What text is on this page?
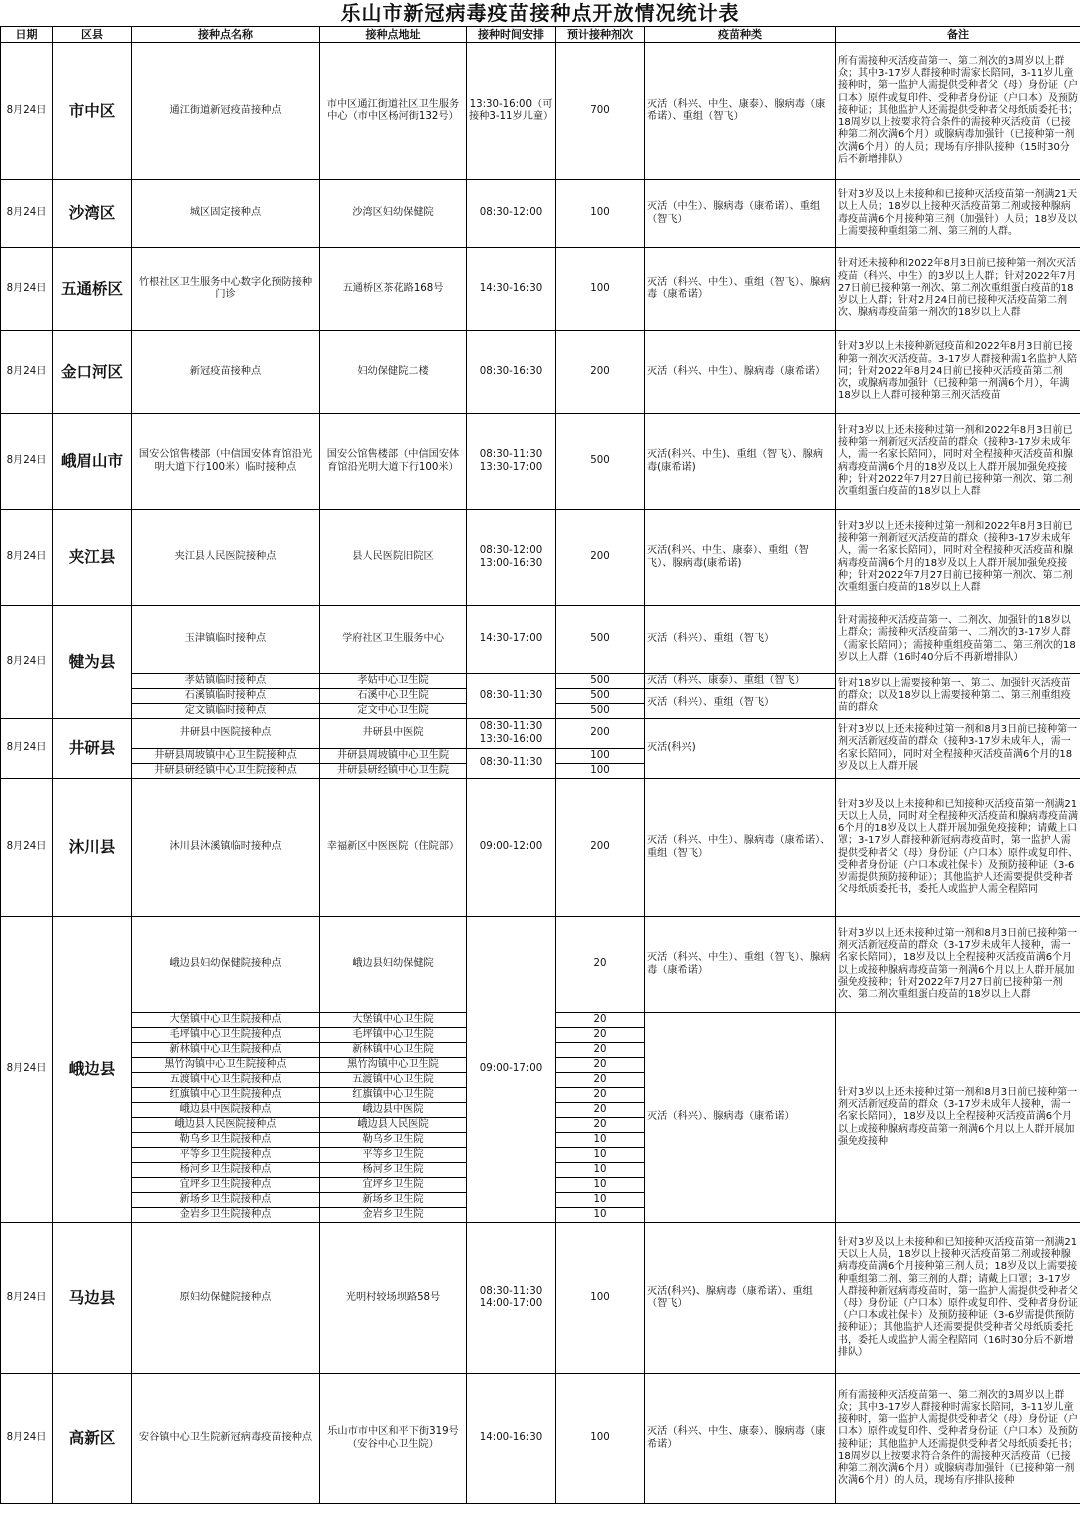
乐山市新冠病毒疫苗接种点开放情况统计表
日期	区县	接种点名称	接种点地址	接种时间安排	预计接种剂次	疫苗种类	备注
8月24日	市中区	通江街道新冠疫苗接种点	市中区通江街道社区卫生服务中心（市中区杨河街132号）	13:30-16:00（可接种3-11岁儿童）	700	灭活（科兴、中生、康泰）、腺病毒（康希诺）、重组（智飞）	所有需接种灭活疫苗第一、第二剂次的3周岁以上群众；其中3-17岁人群接种时需家长陪同，3-11岁儿童接种时，第一监护人需提供受种者父（母）身份证（户口本）原件或复印件、受种者身份证（户口本）及预防接种证；其他监护人还需提供受种者父母纸质委托书；18周岁以上按要求符合条件的需接种灭活疫苗（已接种第二剂次满6个月）或腺病毒加强针（已接种第一剂次满6个月）的人员；现场有序排队接种（15时30分后不新增排队）
8月24日	沙湾区	城区固定接种点	沙湾区妇幼保健院	08:30-12:00	100	灭活（中生）、腺病毒（康希诺）、重组（智飞）	针对3岁及以上未接种和已接种灭活疫苗第一剂满21天以上人员；18岁以上接种灭活疫苗第二剂或接种腺病毒疫苗满6个月接种第三剂（加强针）人员；18岁及以上需要接种重组第二剂、第三剂的人群。
8月24日	五通桥区	竹根社区卫生服务中心数字化预防接种门诊	五通桥区茶花路168号	14:30-16:30	100	灭活（科兴、中生）、重组（智飞）、腺病毒（康希诺）	针对还未接种和2022年8月3日前已接种第一剂次灭活疫苗（科兴、中生）的3岁以上人群；针对2022年7月27日前已接种第一剂次、第二剂次重组蛋白疫苗的18岁以上人群；针对2月24日前已接种灭活疫苗第二剂次、腺病毒疫苗第一剂次的18岁以上人群
8月24日	金口河区	新冠疫苗接种点	妇幼保健院二楼	08:30-16:30	200	灭活（科兴、中生）、腺病毒（康希诺）	针对3岁以上未接种新冠疫苗和2022年8月3日前已接种第一剂次灭活疫苗。3-17岁人群接种需1名监护人陪同；针对2022年8月24日前已接种灭活疫苗第二剂次，或腺病毒加强针（已接种第一剂满6个月），年满18岁以上人群可接种第三剂灭活疫苗
8月24日	峨眉山市	国安公馆售楼部（中信国安体育馆沿光明大道下行100米）临时接种点	国安公馆售楼部（中信国安体育馆沿光明大道下行100米）	08:30-11:30 13:30-17:00	500	灭活(科兴、中生)、重组（智飞）、腺病毒(康希诺)	针对3岁以上还未接种过第一剂和2022年8月3日前已接种第一剂新冠灭活疫苗的群众（接种3-17岁未成年人，需一名家长陪同），同时对全程接种灭活疫苗和腺病毒疫苗满6个月的18岁及以上人群开展加强免疫接种；针对2022年7月27日前已接种第一剂次、第二剂次重组蛋白疫苗的18岁以上人群
8月24日	夹江县	夹江县人民医院接种点	县人民医院旧院区	08:30-12:00 13:00-16:30	200	灭活(科兴、中生、康泰）、重组（智飞）、腺病毒(康希诺)	针对3岁以上还未接种过第一剂和2022年8月3日前已接种第一剂新冠灭活疫苗的群众（接种3-17岁未成年人，需一名家长陪同），同时对全程接种灭活疫苗和腺病毒疫苗满6个月的18岁及以上人群开展加强免疫接种；针对2022年7月27日前已接种第一剂次、第二剂次重组蛋白疫苗的18岁以上人群
8月24日	犍为县	玉津镇临时接种点	学府社区卫生服务中心	14:30-17:00	500	灭活（科兴）、重组（智飞）	针对需接种灭活疫苗第一、二剂次、加强针的18岁以上群众；需接种灭活疫苗第一、二剂次的3-17岁人群（需家长陪同）；需接种重组疫苗第二、第三剂次的18岁以上人群（16时40分后不再新增排队）
		孝姑镇临时接种点	孝姑中心卫生院	08:30-11:30	500	灭活（科兴、康泰）、重组（智飞）	针对18岁以上需要接种第一、第二、加强针灭活疫苗的群众；以及18岁以上需要接种第二、第三剂重组疫苗的群众
		石溪镇临时接种点	石溪中心卫生院		500	灭活（科兴）、重组（智飞）	
		定文镇临时接种点	定文中心卫生院		500		
8月24日	井研县	井研县中医院接种点	井研县中医院	08:30-11:30 13:30-16:00	200	灭活(科兴)	针对3岁以上还未接种过第一剂和8月3日前已接种第一剂灭活新冠疫苗的群众（接种3-17岁未成年人，需一名家长陪同），同时对全程接种灭活疫苗满6个月的18岁及以上人群开展
		井研县周坡镇中心卫生院接种点	井研县周坡镇中心卫生院	08:30-11:30	100		
		井研县研经镇中心卫生院接种点	井研县研经镇中心卫生院		100		
8月24日	沐川县	沐川县沐溪镇临时接种点	幸福新区中医医院（住院部）	09:00-12:00	200	灭活（科兴、中生）、腺病毒（康希诺）、重组（智飞）	针对3岁及以上未接种和已知接种灭活疫苗第一剂满21天以上人员，同时对全程接种灭活疫苗和腺病毒疫苗满6个月的18岁及以上人群开展加强免疫接种；请戴上口罩；3-17岁人群接种新冠病毒疫苗时，第一监护人需提供受种者父（母）身份证（户口本）原件或复印件、受种者身份证（户口本或社保卡）及预防接种证（3-6岁需提供预防接种证）；其他监护人还需要提供受种者父母纸质委托书，委托人或监护人需全程陪同
8月24日	峨边县	峨边县妇幼保健院接种点	峨边县妇幼保健院	09:00-17:00	20	灭活（科兴、中生）、重组（智飞）、腺病毒（康希诺）	针对3岁以上还未接种过第一剂和8月3日前已接种第一剂灭活新冠疫苗的群众（3-17岁未成年人接种，需一名家长陪同），18岁及以上全程接种灭活疫苗满6个月以上或接种腺病毒疫苗第一剂满6个月以上人群开展加强免疫接种；针对2022年7月27日前已接种第一剂次、第二剂次重组蛋白疫苗的18岁以上人群
		大堡镇中心卫生院接种点	大堡镇中心卫生院		20	灭活（科兴）、腺病毒（康希诺）	针对3岁以上还未接种过第一剂和8月3日前已接种第一剂灭活新冠疫苗的群众（3-17岁未成年人接种，需一名家长陪同），18岁及以上全程接种灭活疫苗满6个月以上或接种腺病毒疫苗第一剂满6个月以上人群开展加强免疫接种
		毛坪镇中心卫生院接种点	毛坪镇中心卫生院		20		
		新林镇中心卫生院接种点	新林镇中心卫生院		20		
		黑竹沟镇中心卫生院接种点	黑竹沟镇中心卫生院		20		
		五渡镇中心卫生院接种点	五渡镇中心卫生院		20		
		红旗镇中心卫生院接种点	红旗镇中心卫生院		20		
		峨边县中医院接种点	峨边县中医院		20		
		峨边县人民医院接种点	峨边县人民医院		20		
		勒乌乡卫生院接种点	勒乌乡卫生院		10		
		平等乡卫生院接种点	平等乡卫生院		10		
		杨河乡卫生院接种点	杨河乡卫生院		10		
		宜坪乡卫生院接种点	宜坪乡卫生院		10		
		新场乡卫生院接种点	新场乡卫生院		10		
		金岩乡卫生院接种点	金岩乡卫生院		10		
8月24日	马边县	原妇幼保健院接种点	光明村较场坝路58号	08:30-11:30 14:00-17:00	100	灭活(科兴)、腺病毒（康希诺）、重组（智飞）	针对3岁及以上未接种和已知接种灭活疫苗第一剂满21天以上人员，18岁以上接种灭活疫苗第二剂或接种腺病毒疫苗满6个月接种第三剂人员；18岁及以上需要接种重组第二剂、第三剂的人群；请戴上口罩；3-17岁人群接种新冠病毒疫苗时，第一监护人需提供受种者父（母）身份证（户口本）原件或复印件、受种者身份证（户口本或社保卡）及预防接种证（3-6岁需提供预防接种证）；其他监护人还需要提供受种者父母纸质委托书，委托人或监护人需全程陪同（16时30分后不新增排队）
8月24日	高新区	安谷镇中心卫生院新冠病毒疫苗接种点	乐山市市中区和平下街319号（安谷中心卫生院）	14:00-16:30	100	灭活（科兴、中生、康泰）、腺病毒（康希诺）	所有需接种灭活疫苗第一、第二剂次的3周岁以上群众；其中3-17岁人群接种时需家长陪同，3-11岁儿童接种时，第一监护人需提供受种者父（母）身份证（户口本）原件或复印件、受种者身份证（户口本）及预防接种证；其他监护人还需提供受种者父母纸质委托书；18周岁以上按要求符合条件的需接种灭活疫苗（已接种第二剂次满6个月）或腺病毒加强针（已接种第一剂次满6个月）的人员，现场有序排队接种
